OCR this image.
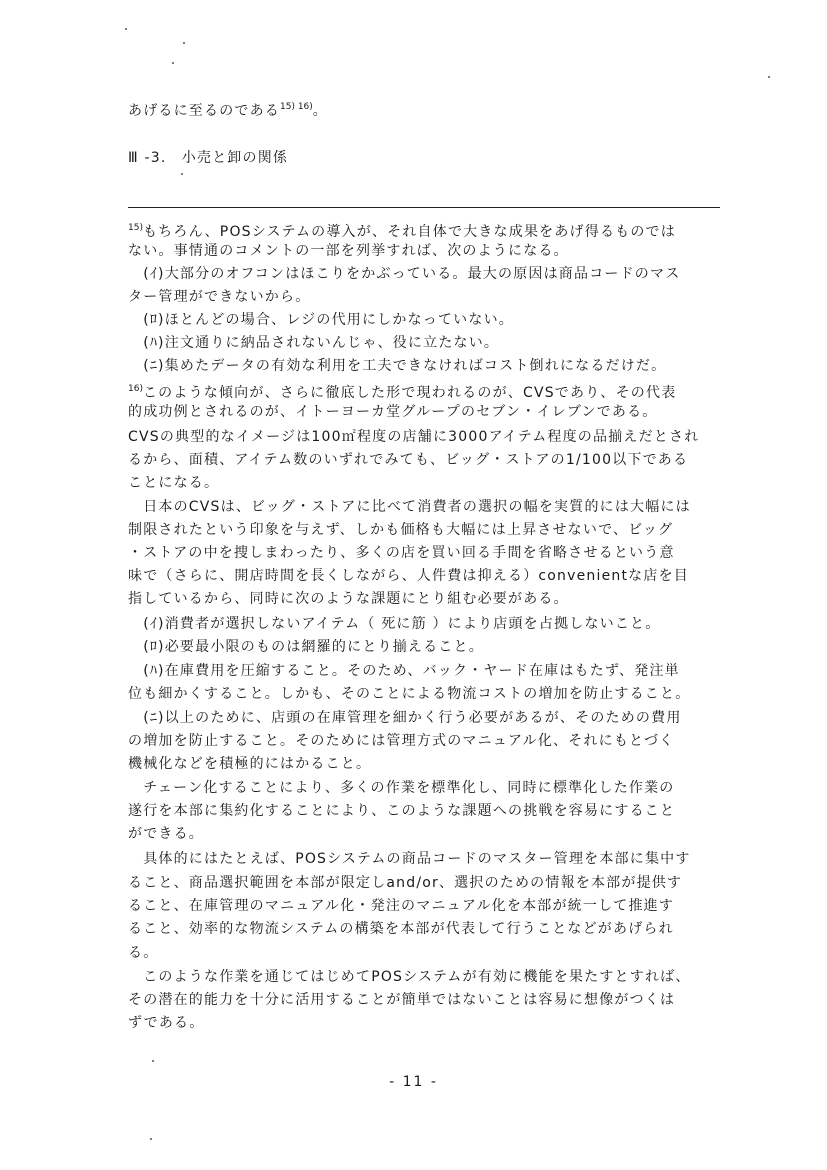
あげるに至るのである$^{15) 16)}$。
Ⅲ -3.　小売と卸の関係
$^{15)}$もちろん、POSシステムの導入が、それ自体で大きな成果をあげ得るものでは
ない。事情通のコメントの一部を列挙すれば、次のようになる。
　(ｲ)大部分のオフコンはほこりをかぶっている。最大の原因は商品コードのマス
ター管理ができないから。
　(ﾛ)ほとんどの場合、レジの代用にしかなっていない。
　(ﾊ)注文通りに納品されないんじゃ、役に立たない。
　(ﾆ)集めたデータの有効な利用を工夫できなければコスト倒れになるだけだ。
$^{16)}$このような傾向が、さらに徹底した形で現われるのが、CVSであり、その代表
的成功例とされるのが、イトーヨーカ堂グループのセブン・イレブンである。
CVSの典型的なイメージは100㎡程度の店舗に3000アイテム程度の品揃えだとされ
るから、面積、アイテム数のいずれでみても、ビッグ・ストアの1/100以下である
ことになる。
　日本のCVSは、ビッグ・ストアに比べて消費者の選択の幅を実質的には大幅には
制限されたという印象を与えず、しかも価格も大幅には上昇させないで、ビッグ
・ストアの中を捜しまわったり、多くの店を買い回る手間を省略させるという意
味で（さらに、開店時間を長くしながら、人件費は抑える）convenientな店を目
指しているから、同時に次のような課題にとり組む必要がある。
　(ｲ)消費者が選択しないアイテム（ 死に筋 ）により店頭を占拠しないこと。
　(ﾛ)必要最小限のものは網羅的にとり揃えること。
　(ﾊ)在庫費用を圧縮すること。そのため、バック・ヤード在庫はもたず、発注単
位も細かくすること。しかも、そのことによる物流コストの増加を防止すること。
　(ﾆ)以上のために、店頭の在庫管理を細かく行う必要があるが、そのための費用
の増加を防止すること。そのためには管理方式のマニュアル化、それにもとづく
機械化などを積極的にはかること。
　チェーン化することにより、多くの作業を標準化し、同時に標準化した作業の
遂行を本部に集約化することにより、このような課題への挑戦を容易にすること
ができる。
　具体的にはたとえば、POSシステムの商品コードのマスター管理を本部に集中す
ること、商品選択範囲を本部が限定しand/or、選択のための情報を本部が提供す
ること、在庫管理のマニュアル化・発注のマニュアル化を本部が統一して推進す
ること、効率的な物流システムの構築を本部が代表して行うことなどがあげられ
る。
　このような作業を通じてはじめてPOSシステムが有効に機能を果たすとすれば、
その潜在的能力を十分に活用することが簡単ではないことは容易に想像がつくは
ずである。
- 11 -
